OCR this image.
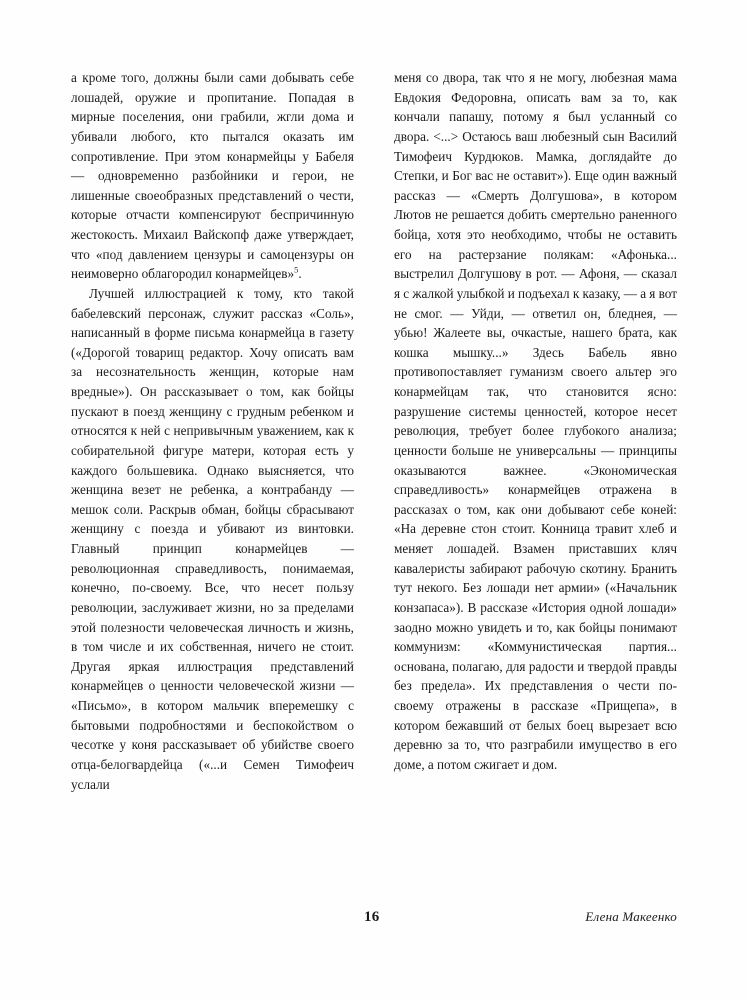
а кроме того, должны были сами добывать себе лошадей, оружие и пропитание. Попадая в мирные поселения, они грабили, жгли дома и убивали любого, кто пытался оказать им сопротивление. При этом конармейцы у Бабеля — одновременно разбойники и герои, не лишенные своеобразных представлений о чести, которые отчасти компенсируют беспричинную жестокость. Михаил Вайскопф даже утверждает, что «под давлением цензуры и самоцензуры он неимоверно облагородил конармейцев»$^5$.

Лучшей иллюстрацией к тому, кто такой бабелевский персонаж, служит рассказ «Соль», написанный в форме письма конармейца в газету («Дорогой товарищ редактор. Хочу описать вам за несознательность женщин, которые нам вредные»). Он рассказывает о том, как бойцы пускают в поезд женщину с грудным ребенком и относятся к ней с непривычным уважением, как к собирательной фигуре матери, которая есть у каждого большевика. Однако выясняется, что женщина везет не ребенка, а контрабанду — мешок соли. Раскрыв обман, бойцы сбрасывают женщину с поезда и убивают из винтовки. Главный принцип конармейцев — революционная справедливость, понимаемая, конечно, по-своему. Все, что несет пользу революции, заслуживает жизни, но за пределами этой полезности человеческая личность и жизнь, в том числе и их собственная, ничего не стоит. Другая яркая иллюстрация представлений конармейцев о ценности человеческой жизни — «Письмо», в котором мальчик вперемешку с бытовыми подробностями и беспокойством о чесотке у коня рассказывает об убийстве своего отца-белогвардейца («...и Семен Тимофеич услали

меня со двора, так что я не могу, любезная мама Евдокия Федоровна, описать вам за то, как кончали папашу, потому я был усланный со двора. <...> Остаюсь ваш любезный сын Василий Тимофеич Курдюков. Мамка, доглядайте до Степки, и Бог вас не оставит»). Еще один важный рассказ — «Смерть Долгушова», в котором Лютов не решается добить смертельно раненного бойца, хотя это необходимо, чтобы не оставить его на растерзание полякам: «Афонька... выстрелил Долгушову в рот. — Афоня, — сказал я с жалкой улыбкой и подъехал к казаку, — а я вот не смог. — Уйди, — ответил он, бледнея, — убью! Жалеете вы, очкастые, нашего брата, как кошка мышку...» Здесь Бабель явно противопоставляет гуманизм своего альтер эго конармейцам так, что становится ясно: разрушение системы ценностей, которое несет революция, требует более глубокого анализа; ценности больше не универсальны — принципы оказываются важнее. «Экономическая справедливость» конармейцев отражена в рассказах о том, как они добывают себе коней: «На деревне стон стоит. Конница травит хлеб и меняет лошадей. Взамен приставших кляч кавалеристы забирают рабочую скотину. Бранить тут некого. Без лошади нет армии» («Начальник конзапаса»). В рассказе «История одной лошади» заодно можно увидеть и то, как бойцы понимают коммунизм: «Коммунистическая партия... основана, полагаю, для радости и твердой правды без предела». Их представления о чести по-своему отражены в рассказе «Прищепа», в котором бежавший от белых боец вырезает всю деревню за то, что разграбили имущество в его доме, а потом сжигает и дом.

16	Елена Макеенко
